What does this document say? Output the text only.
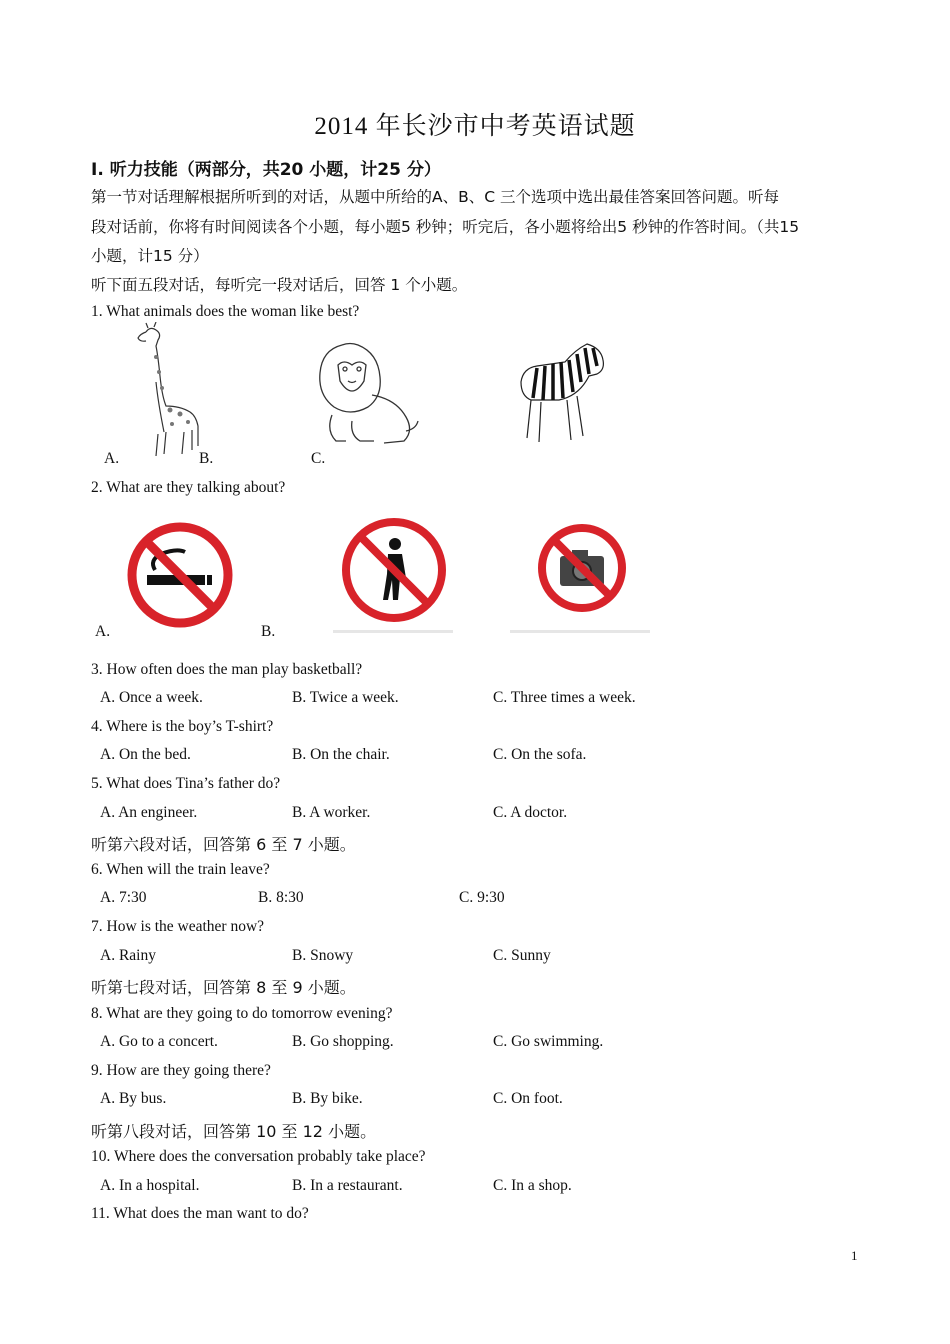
2014 年长沙市中考英语试题
I. 听力技能（两部分，共20 小题，计25 分）
第一节对话理解根据所听到的对话，从题中所给的A、B、C 三个选项中选出最佳答案回答问题。听每
段对话前，你将有时间阅读各个小题，每小题5 秒钟；听完后，各小题将给出5 秒钟的作答时间。（共15
小题，计15 分）
听下面五段对话，每听完一段对话后，回答 1 个小题。
1. What animals does the woman like best?
A.	B.	C.
2. What are they talking about?
A.	B.
3. How often does the man play basketball?
A. Once a week.	B. Twice a week.	C. Three times a week.
4. Where is the boy’s T-shirt?
A. On the bed.	B. On the chair.	C. On the sofa.
5. What does Tina’s father do?
A. An engineer.	B. A worker.	C. A doctor.
听第六段对话，回答第 6 至 7 小题。
6. When will the train leave?
A. 7:30	B. 8:30	C. 9:30
7. How is the weather now?
A. Rainy	B. Snowy	C. Sunny
听第七段对话，回答第 8 至 9 小题。
8. What are they going to do tomorrow evening?
A. Go to a concert.	B. Go shopping.	C. Go swimming.
9. How are they going there?
A. By bus.	B. By bike.	C. On foot.
听第八段对话，回答第 10 至 12 小题。
10. Where does the conversation probably take place?
A. In a hospital.	B. In a restaurant.	C. In a shop.
11. What does the man want to do?
1
